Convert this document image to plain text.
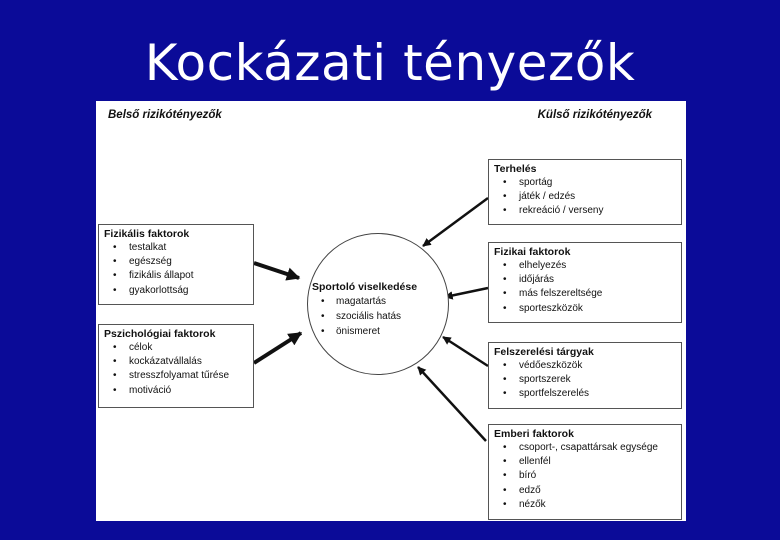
Kockázati tényezők
Belső rizikótényezők	Külső rizikótényezők
Sportoló viselkedése
• magatartás
• szociális hatás
• önismeret
Fizikális faktorok
• testalkat
• egészség
• fizikális állapot
• gyakorlottság
Pszichológiai faktorok
• célok
• kockázatvállalás
• stresszfolyamat tűrése
• motiváció
Terhelés
• sportág
• játék / edzés
• rekreáció / verseny
Fizikai faktorok
• elhelyezés
• időjárás
• más felszereltsége
• sporteszközök
Felszerelési tárgyak
• védőeszközök
• sportszerek
• sportfelszerelés
Emberi faktorok
• csoport-, csapattársak egysége
• ellenfél
• bíró
• edző
• nézők
